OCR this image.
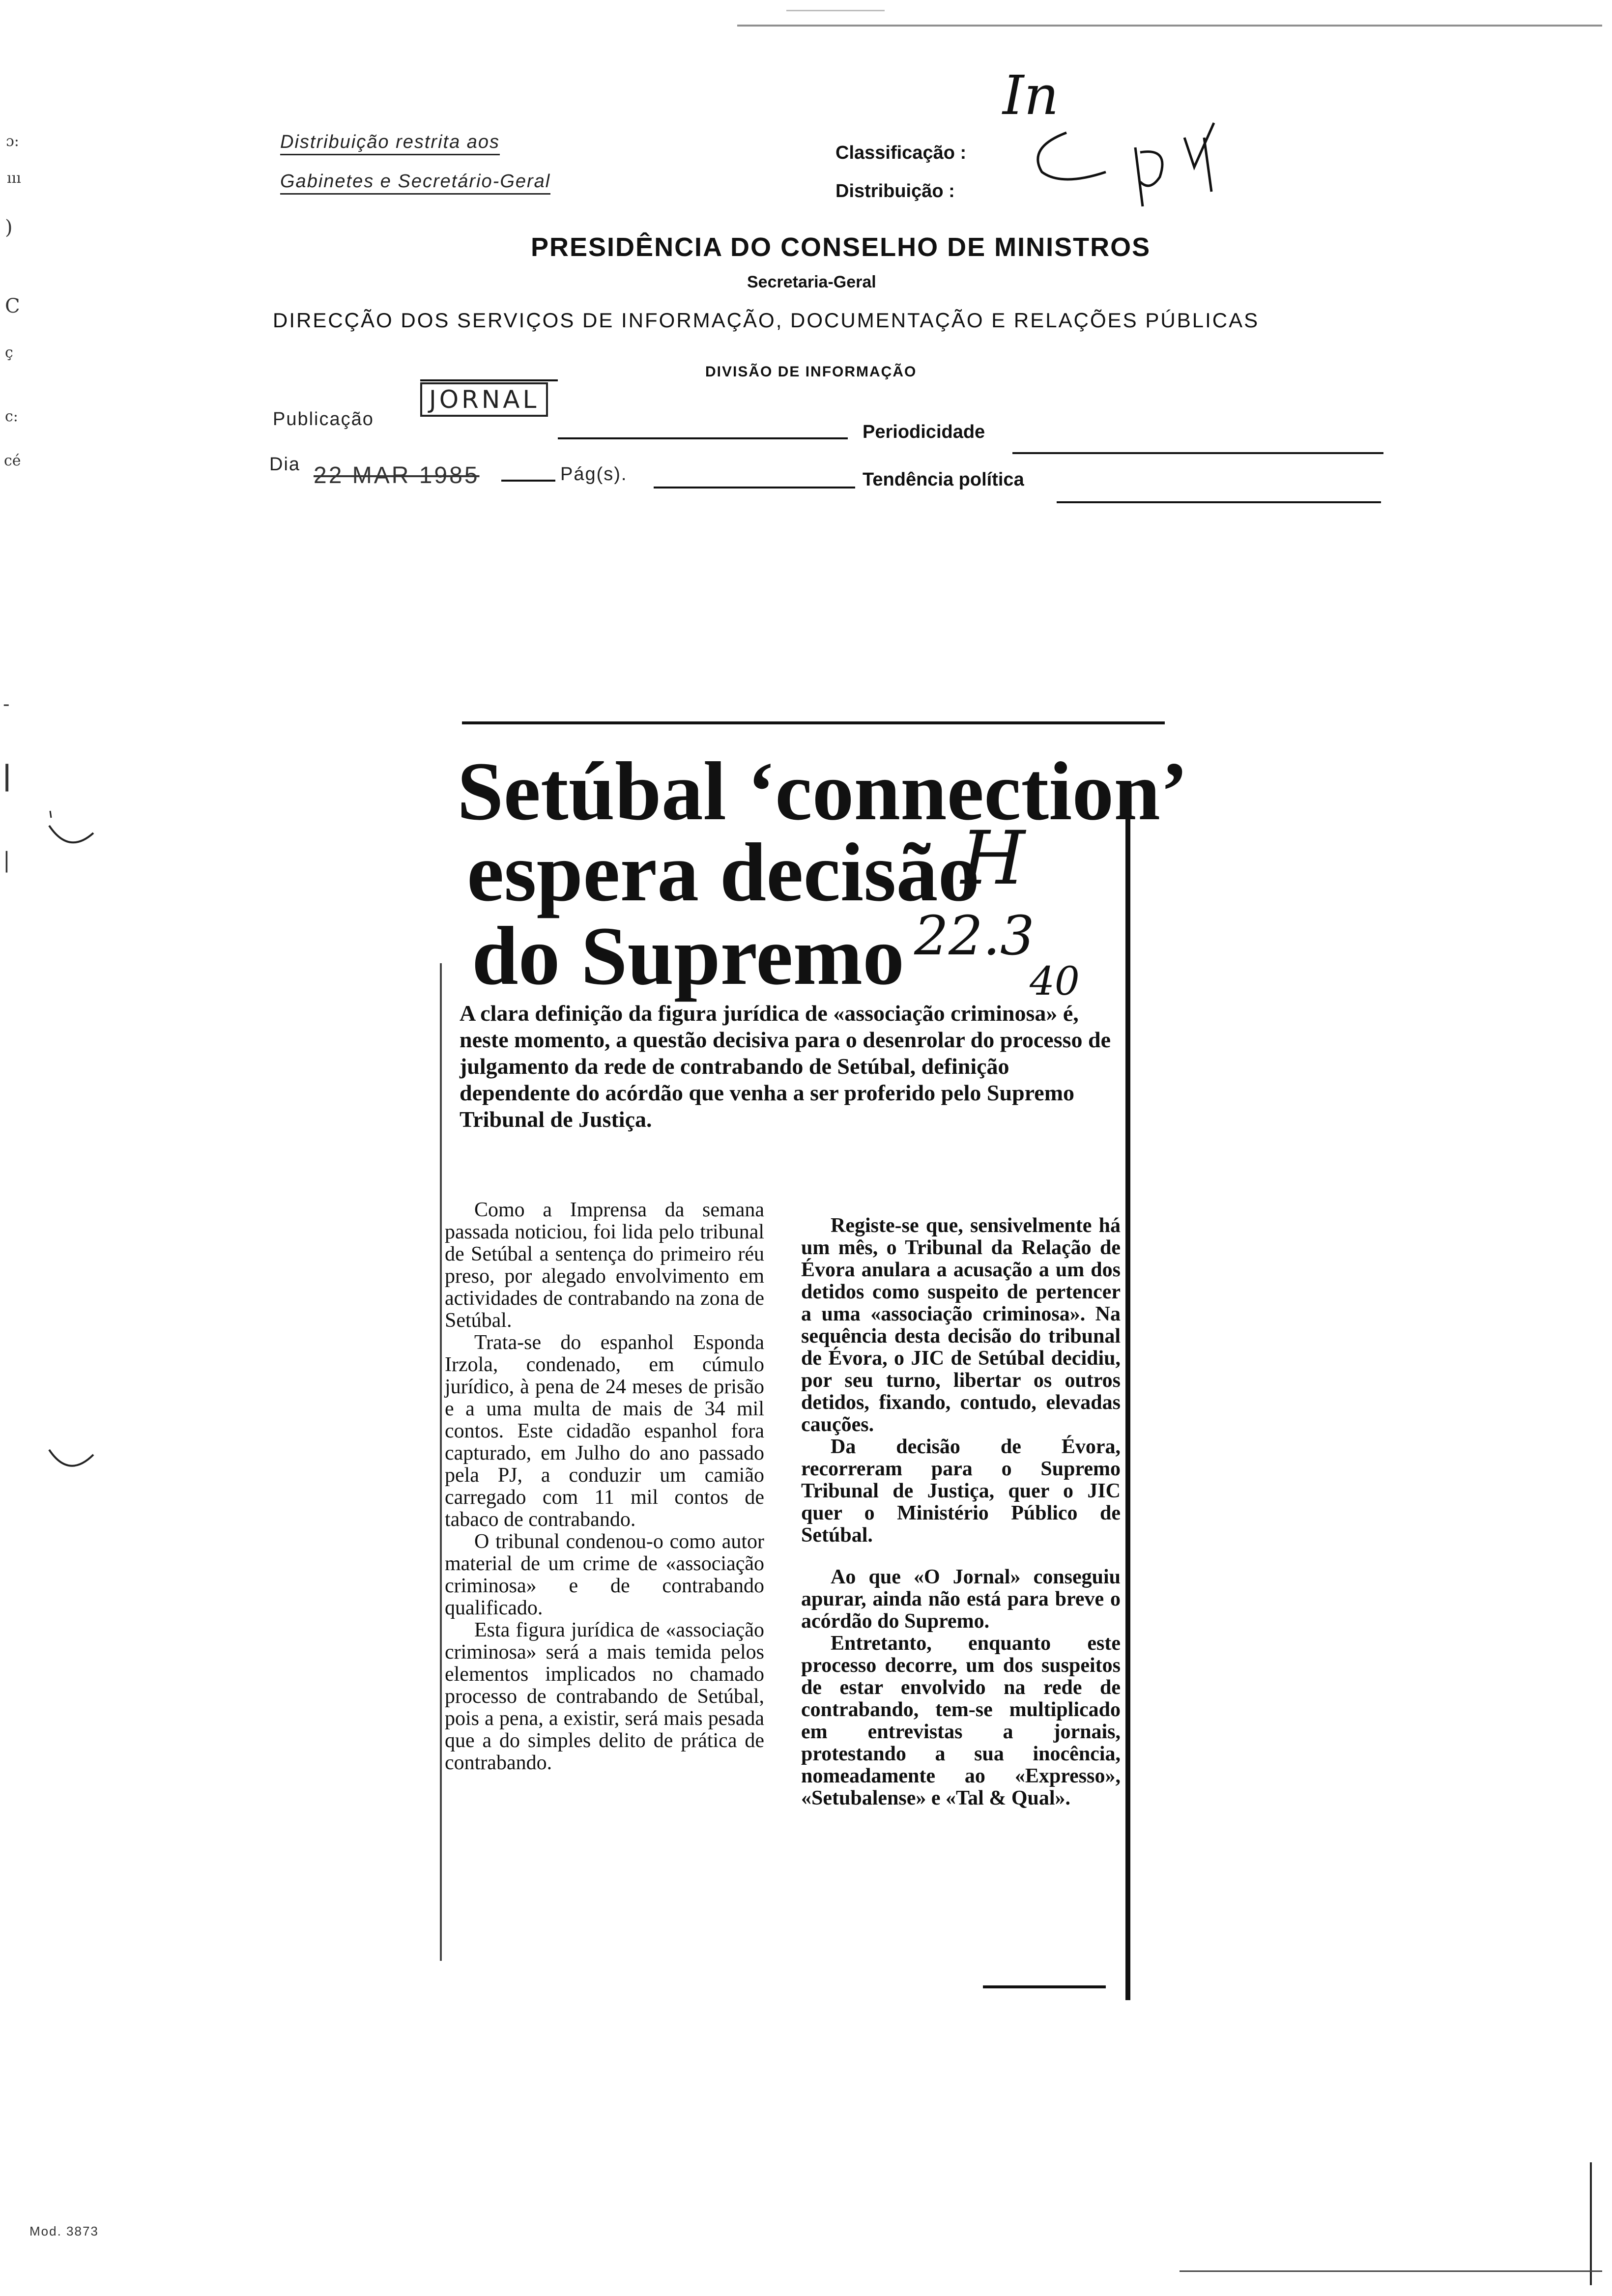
ɔ:
ııı
)
C
ç
c:
cé
-
|
|
Distribuição restrita aos
Gabinetes e Secretário-Geral
Classificação :
Distribuição :
In
PRESIDÊNCIA DO CONSELHO DE MINISTROS
Secretaria-Geral
DIRECÇÃO DOS SERVIÇOS DE INFORMAÇÃO, DOCUMENTAÇÃO E RELAÇÕES PÚBLICAS
DIVISÃO DE INFORMAÇÃO
Publicação
JORNAL
Periodicidade
Dia 22 MAR 1985	Pág(s).	Tendência política
Setúbal ‘connection’
espera decisão
do Supremo
H
22.3
40
A clara definição da figura jurídica de «associação criminosa» é, neste momento, a questão decisiva para o desenrolar do processo de julgamento da rede de contrabando de Setúbal, definição dependente do acórdão que venha a ser proferido pelo Supremo Tribunal de Justiça.

Como a Imprensa da semana passada noticiou, foi lida pelo tribunal de Setúbal a sentença do primeiro réu preso, por alegado envolvimento em actividades de contrabando na zona de Setúbal.

Trata-se do espanhol Esponda Irzola, condenado, em cúmulo jurídico, à pena de 24 meses de prisão e a uma multa de mais de 34 mil contos. Este cidadão espanhol fora capturado, em Julho do ano passado pela PJ, a conduzir um camião carregado com 11 mil contos de tabaco de contrabando.

O tribunal condenou-o como autor material de um crime de «associação criminosa» e de contrabando qualificado.

Esta figura jurídica de «associação criminosa» será a mais temida pelos elementos implicados no chamado processo de contrabando de Setúbal, pois a pena, a existir, será mais pesada que a do simples delito de prática de contrabando.

Registe-se que, sensivelmente há um mês, o Tribunal da Relação de Évora anulara a acusação a um dos detidos como suspeito de pertencer a uma «associação criminosa». Na sequência desta decisão do tribunal de Évora, o JIC de Setúbal decidiu, por seu turno, libertar os outros detidos, fixando, contudo, elevadas cauções.

Da decisão de Évora, recorreram para o Supremo Tribunal de Justiça, quer o JIC quer o Ministério Público de Setúbal.

Ao que «O Jornal» conseguiu apurar, ainda não está para breve o acórdão do Supremo.

Entretanto, enquanto este processo decorre, um dos suspeitos de estar envolvido na rede de contrabando, tem-se multiplicado em entrevistas a jornais, protestando a sua inocência, nomeadamente ao «Expresso», «Setubalense» e «Tal & Qual».

Mod. 3873
